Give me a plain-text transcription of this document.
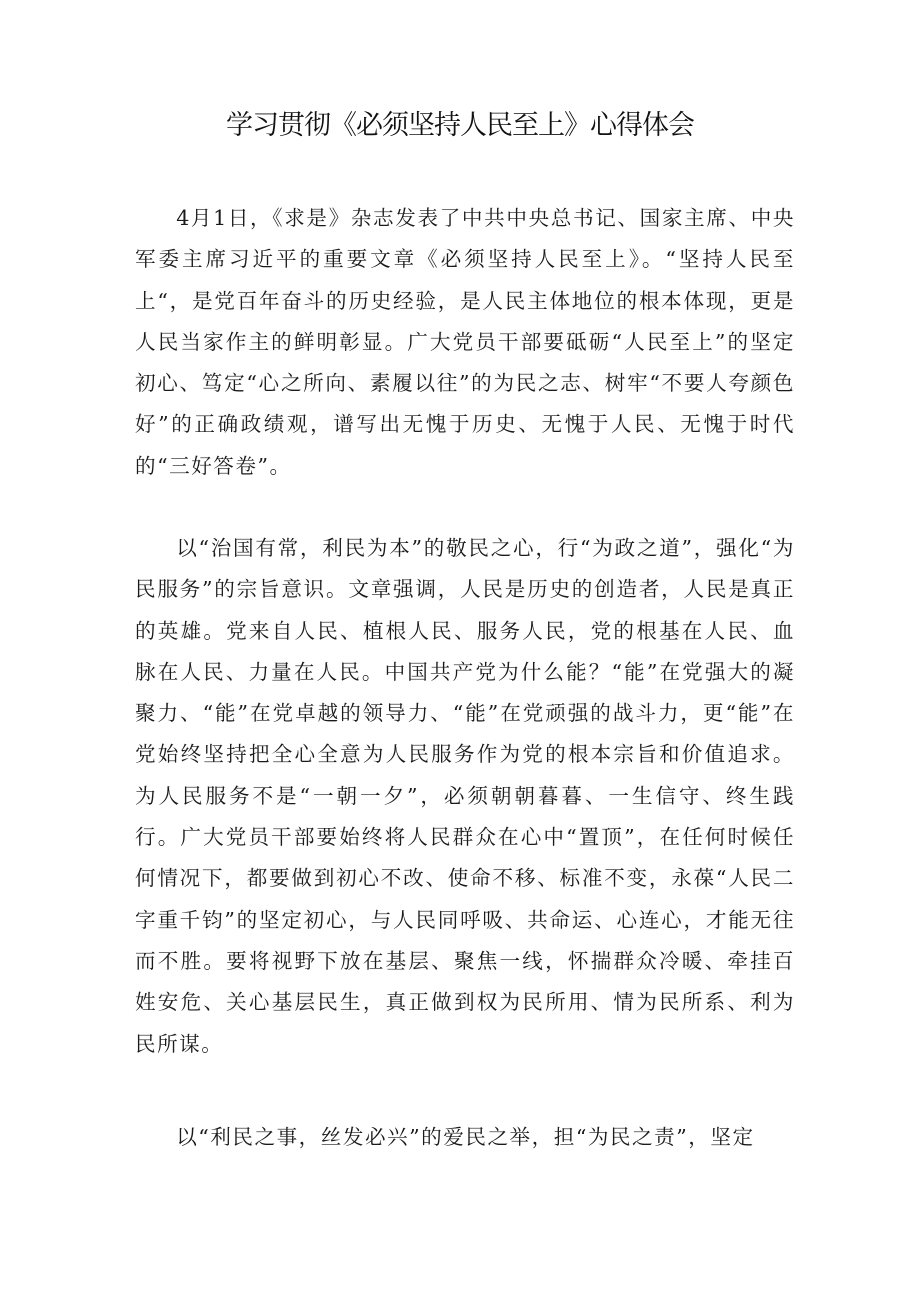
学习贯彻《必须坚持人民至上》心得体会

4月1日，《求是》杂志发表了中共中央总书记、国家主席、中央军委主席习近平的重要文章《必须坚持人民至上》。“坚持人民至上“，是党百年奋斗的历史经验，是人民主体地位的根本体现，更是人民当家作主的鲜明彰显。广大党员干部要砥砺“人民至上”的坚定初心、笃定“心之所向、素履以往”的为民之志、树牢“不要人夸颜色好”的正确政绩观，谱写出无愧于历史、无愧于人民、无愧于时代的“三好答卷”。

以“治国有常，利民为本”的敬民之心，行“为政之道”，强化“为民服务”的宗旨意识。文章强调，人民是历史的创造者，人民是真正的英雄。党来自人民、植根人民、服务人民，党的根基在人民、血脉在人民、力量在人民。中国共产党为什么能？“能”在党强大的凝聚力、“能”在党卓越的领导力、“能”在党顽强的战斗力，更“能”在党始终坚持把全心全意为人民服务作为党的根本宗旨和价值追求。为人民服务不是“一朝一夕”，必须朝朝暮暮、一生信守、终生践行。广大党员干部要始终将人民群众在心中“置顶”，在任何时候任何情况下，都要做到初心不改、使命不移、标准不变，永葆“人民二字重千钧”的坚定初心，与人民同呼吸、共命运、心连心，才能无往而不胜。要将视野下放在基层、聚焦一线，怀揣群众冷暖、牵挂百姓安危、关心基层民生，真正做到权为民所用、情为民所系、利为民所谋。

以“利民之事，丝发必兴”的爱民之举，担“为民之责”，坚定
